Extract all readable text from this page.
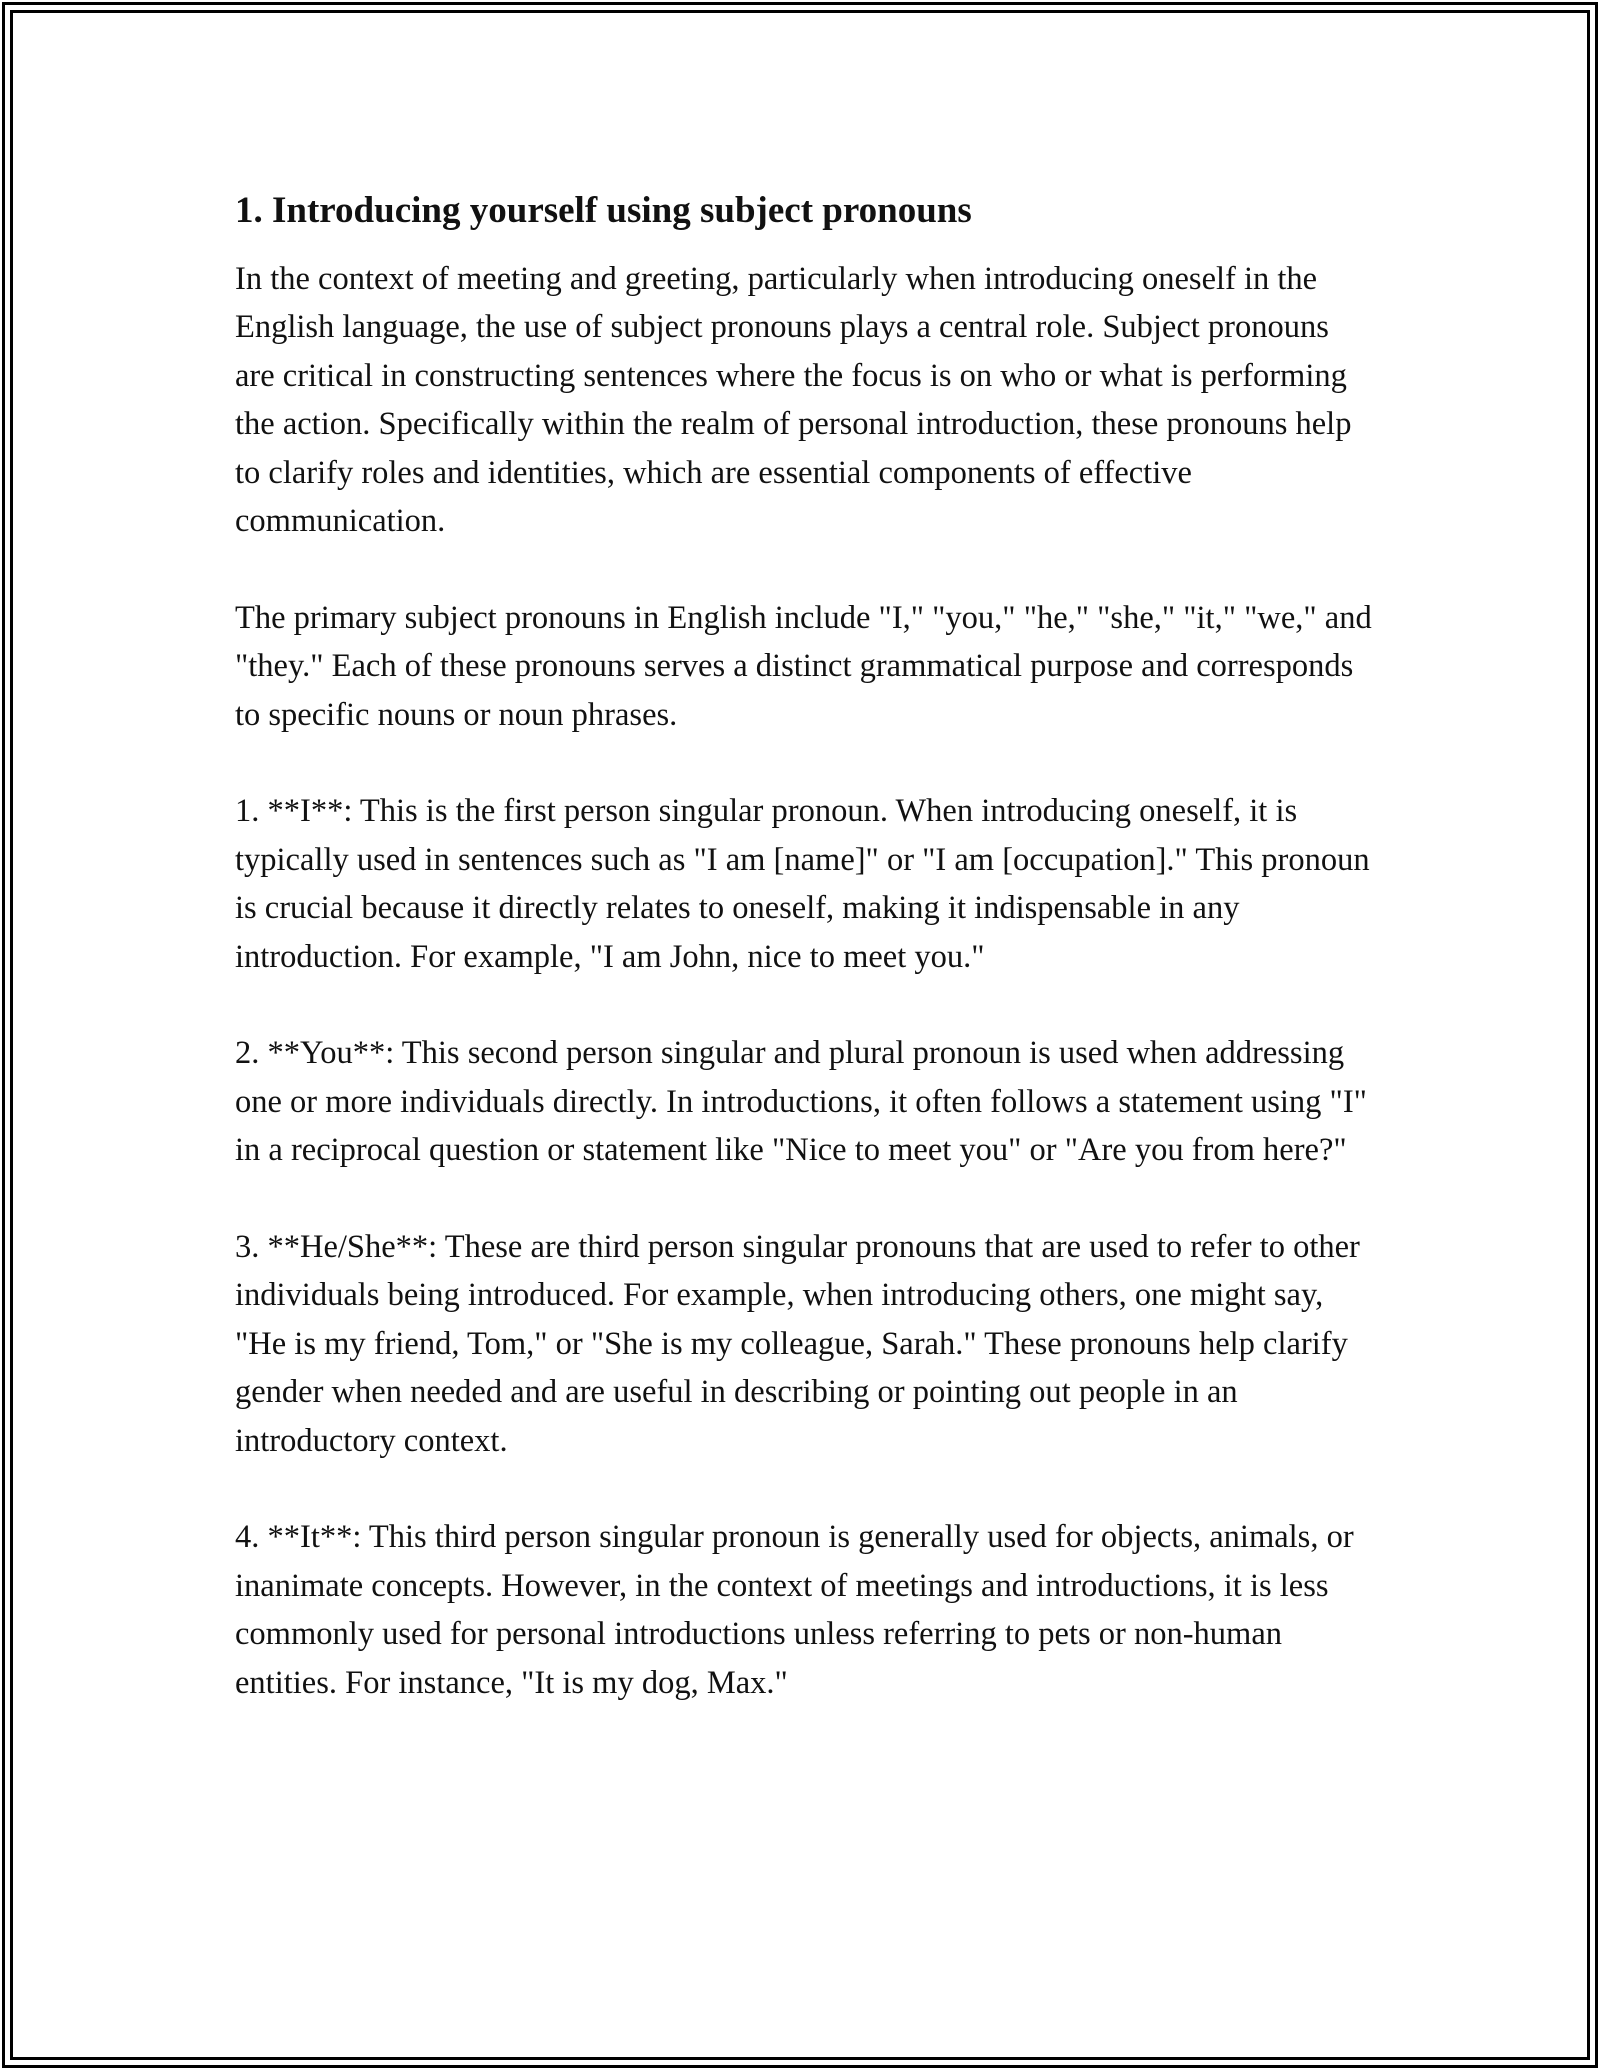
1. Introducing yourself using subject pronouns

In the context of meeting and greeting, particularly when introducing oneself in the English language, the use of subject pronouns plays a central role. Subject pronouns are critical in constructing sentences where the focus is on who or what is performing the action. Specifically within the realm of personal introduction, these pronouns help to clarify roles and identities, which are essential components of effective communication.

The primary subject pronouns in English include "I," "you," "he," "she," "it," "we," and "they." Each of these pronouns serves a distinct grammatical purpose and corresponds to specific nouns or noun phrases.

1. **I**: This is the first person singular pronoun. When introducing oneself, it is typically used in sentences such as "I am [name]" or "I am [occupation]." This pronoun is crucial because it directly relates to oneself, making it indispensable in any introduction. For example, "I am John, nice to meet you."

2. **You**: This second person singular and plural pronoun is used when addressing one or more individuals directly. In introductions, it often follows a statement using "I" in a reciprocal question or statement like "Nice to meet you" or "Are you from here?"

3. **He/She**: These are third person singular pronouns that are used to refer to other individuals being introduced. For example, when introducing others, one might say, "He is my friend, Tom," or "She is my colleague, Sarah." These pronouns help clarify gender when needed and are useful in describing or pointing out people in an introductory context.

4. **It**: This third person singular pronoun is generally used for objects, animals, or inanimate concepts. However, in the context of meetings and introductions, it is less commonly used for personal introductions unless referring to pets or non-human entities. For instance, "It is my dog, Max."
